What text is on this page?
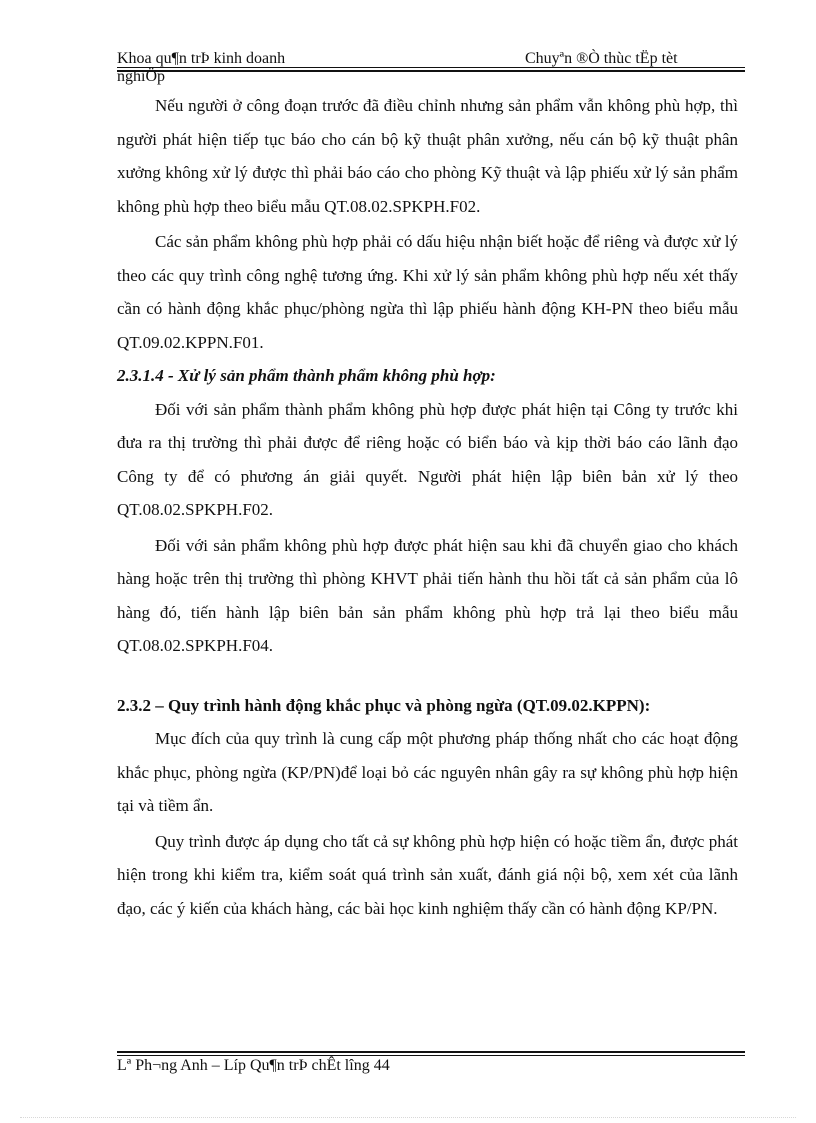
Khoa qu¶n trÞ kinh doanh	Chuyªn ®Ò thùc tËp tèt
nghiÖp

Nếu người ở công đoạn trước đã điều chỉnh nhưng sản phẩm vẫn không phù hợp, thì người phát hiện tiếp tục báo cho cán bộ kỹ thuật phân xưởng, nếu cán bộ kỹ thuật phân xưởng không xử lý được thì phải báo cáo cho phòng Kỹ thuật và lập phiếu xử lý sản phẩm không phù hợp theo biểu mẫu QT.08.02.SPKPH.F02.

Các sản phẩm không phù hợp phải có dấu hiệu nhận biết hoặc để riêng và được xử lý theo các quy trình công nghệ tương ứng. Khi xử lý sản phẩm không phù hợp nếu xét thấy cần có hành động khắc phục/phòng ngừa thì lập phiếu hành động KH-PN theo biểu mẫu QT.09.02.KPPN.F01.

2.3.1.4 - Xử lý sản phẩm thành phẩm không phù hợp:

Đối với sản phẩm thành phẩm không phù hợp được phát hiện tại Công ty trước khi đưa ra thị trường thì phải được để riêng hoặc có biển báo và kịp thời báo cáo lãnh đạo Công ty để có phương án giải quyết. Người phát hiện lập biên bản xử lý theo QT.08.02.SPKPH.F02.

Đối với sản phẩm không phù hợp được phát hiện sau khi đã chuyển giao cho khách hàng hoặc trên thị trường thì phòng KHVT phải tiến hành thu hồi tất cả sản phẩm của lô hàng đó, tiến hành lập biên bản sản phẩm không phù hợp trả lại theo biểu mẫu QT.08.02.SPKPH.F04.

2.3.2 – Quy trình hành động khắc phục và phòng ngừa (QT.09.02.KPPN):

Mục đích của quy trình là cung cấp một phương pháp thống nhất cho các hoạt động khắc phục, phòng ngừa (KP/PN)để loại bỏ các nguyên nhân gây ra sự không phù hợp hiện tại và tiềm ẩn.

Quy trình được áp dụng cho tất cả sự không phù hợp hiện có hoặc tiềm ẩn, được phát hiện trong khi kiểm tra, kiểm soát quá trình sản xuất, đánh giá nội bộ, xem xét của lãnh đạo, các ý kiến của khách hàng, các bài học kinh nghiệm thấy cần có hành động KP/PN.

Lª Ph¬ng Anh – Líp Qu¶n trÞ chÊt lîng 44
